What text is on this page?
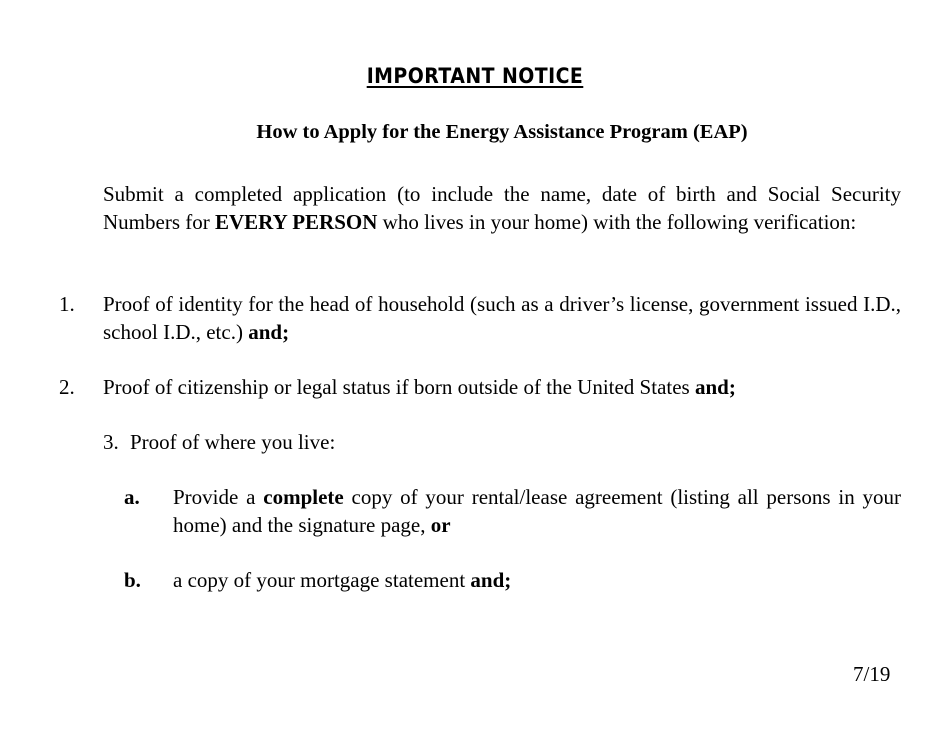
IMPORTANT NOTICE
How to Apply for the Energy Assistance Program (EAP)
Submit a completed application (to include the name, date of birth and Social Security Numbers for EVERY PERSON who lives in your home) with the following verification:
1. Proof of identity for the head of household (such as a driver’s license, government issued I.D., school I.D., etc.) and;
2. Proof of citizenship or legal status if born outside of the United States and;
3. Proof of where you live:
a. Provide a complete copy of your rental/lease agreement (listing all persons in your home) and the signature page, or
b. a copy of your mortgage statement and;
7/19
